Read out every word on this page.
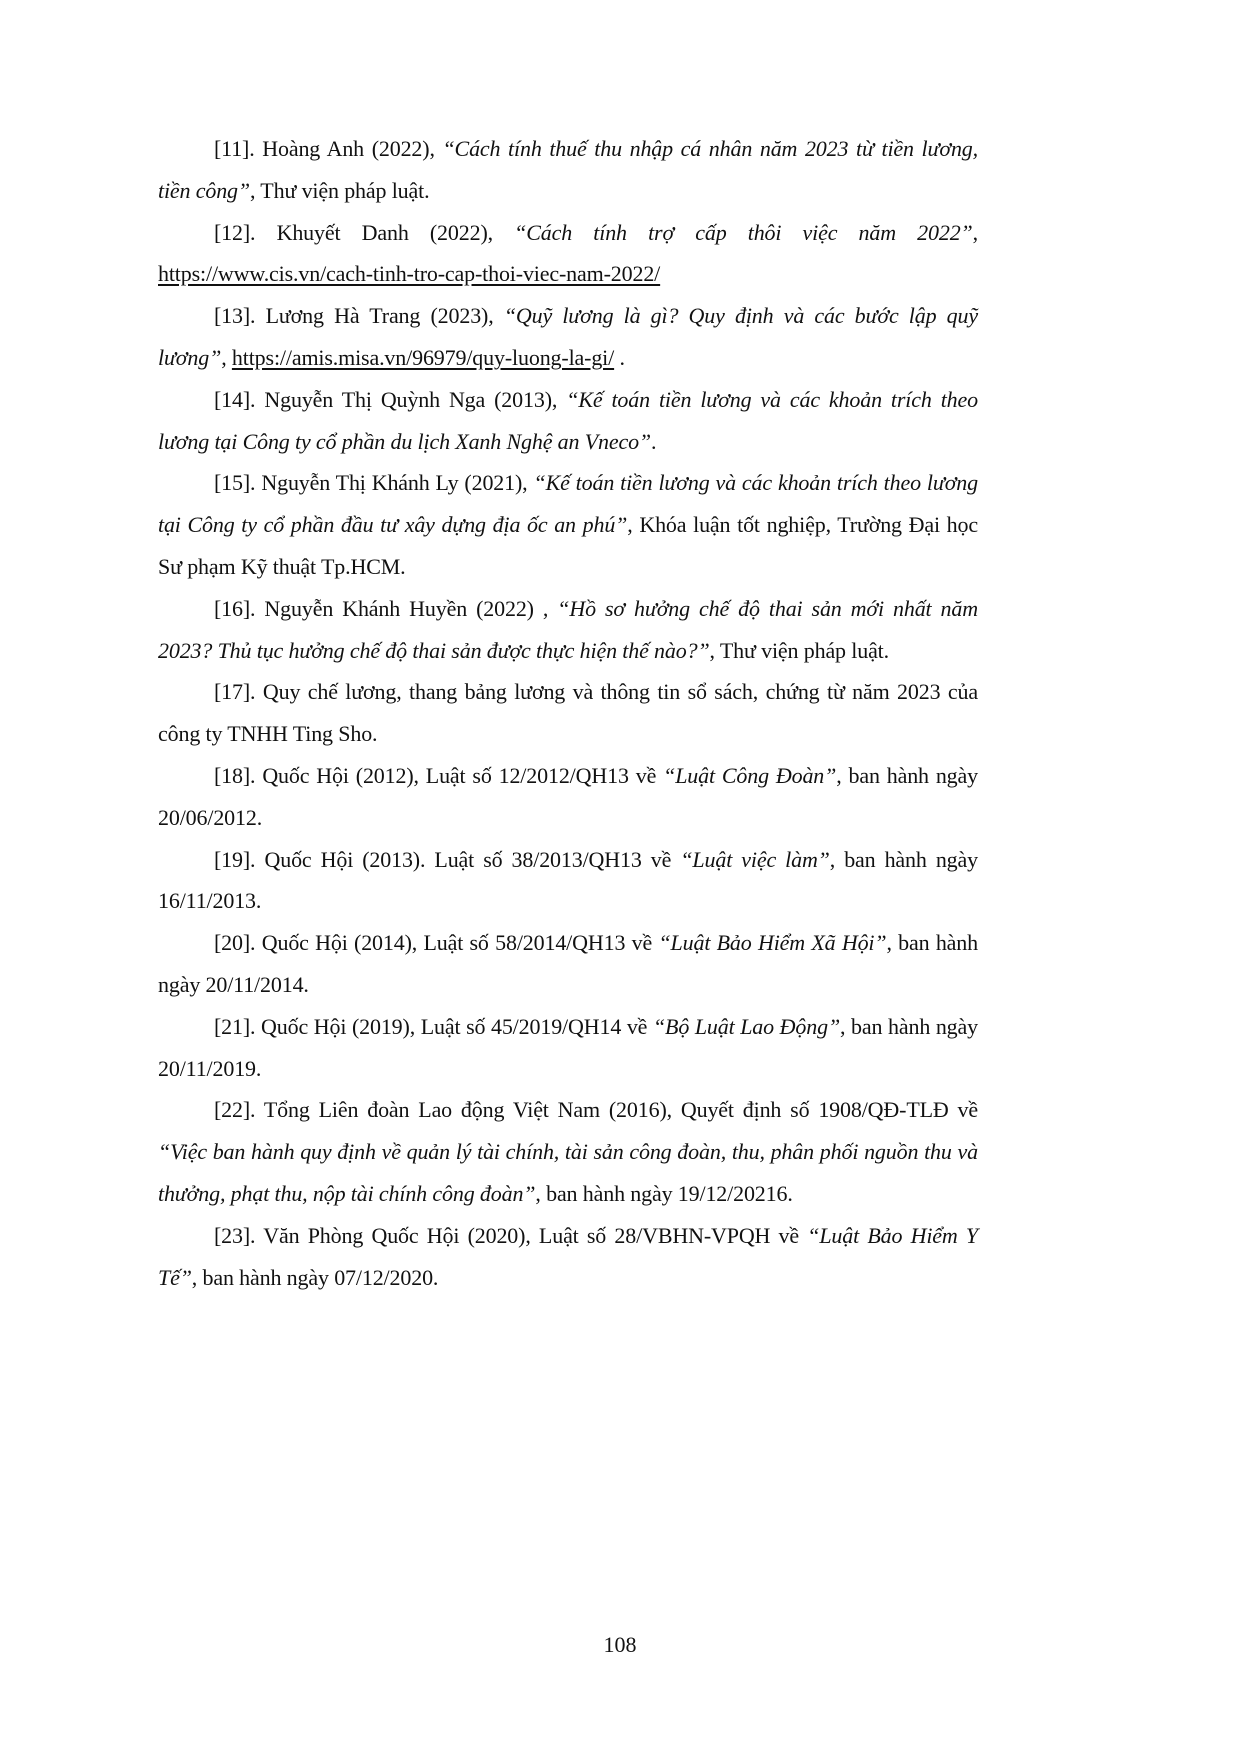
[11]. Hoàng Anh (2022), “Cách tính thuế thu nhập cá nhân năm 2023 từ tiền lương, tiền công”, Thư viện pháp luật.

[12]. Khuyết Danh (2022), “Cách tính trợ cấp thôi việc năm 2022”, https://www.cis.vn/cach-tinh-tro-cap-thoi-viec-nam-2022/

[13]. Lương Hà Trang (2023), “Quỹ lương là gì? Quy định và các bước lập quỹ lương”, https://amis.misa.vn/96979/quy-luong-la-gi/ .

[14]. Nguyễn Thị Quỳnh Nga (2013), “Kế toán tiền lương và các khoản trích theo lương tại Công ty cổ phần du lịch Xanh Nghệ an Vneco”.

[15]. Nguyễn Thị Khánh Ly (2021), “Kế toán tiền lương và các khoản trích theo lương tại Công ty cổ phần đầu tư xây dựng địa ốc an phú”, Khóa luận tốt nghiệp, Trường Đại học Sư phạm Kỹ thuật Tp.HCM.

[16]. Nguyễn Khánh Huyền (2022) , “Hồ sơ hưởng chế độ thai sản mới nhất năm 2023? Thủ tục hưởng chế độ thai sản được thực hiện thế nào?”, Thư viện pháp luật.

[17]. Quy chế lương, thang bảng lương và thông tin sổ sách, chứng từ năm 2023 của công ty TNHH Ting Sho.

[18]. Quốc Hội (2012), Luật số 12/2012/QH13 về “Luật Công Đoàn”, ban hành ngày 20/06/2012.

[19]. Quốc Hội (2013). Luật số 38/2013/QH13 về “Luật việc làm”, ban hành ngày 16/11/2013.

[20]. Quốc Hội (2014), Luật số 58/2014/QH13 về “Luật Bảo Hiểm Xã Hội”, ban hành ngày 20/11/2014.

[21]. Quốc Hội (2019), Luật số 45/2019/QH14 về “Bộ Luật Lao Động”, ban hành ngày 20/11/2019.

[22]. Tổng Liên đoàn Lao động Việt Nam (2016), Quyết định số 1908/QĐ-TLĐ về “Việc ban hành quy định về quản lý tài chính, tài sản công đoàn, thu, phân phối nguồn thu và thưởng, phạt thu, nộp tài chính công đoàn”, ban hành ngày 19/12/20216.

[23]. Văn Phòng Quốc Hội (2020), Luật số 28/VBHN-VPQH về “Luật Bảo Hiểm Y Tế”, ban hành ngày 07/12/2020.

108
